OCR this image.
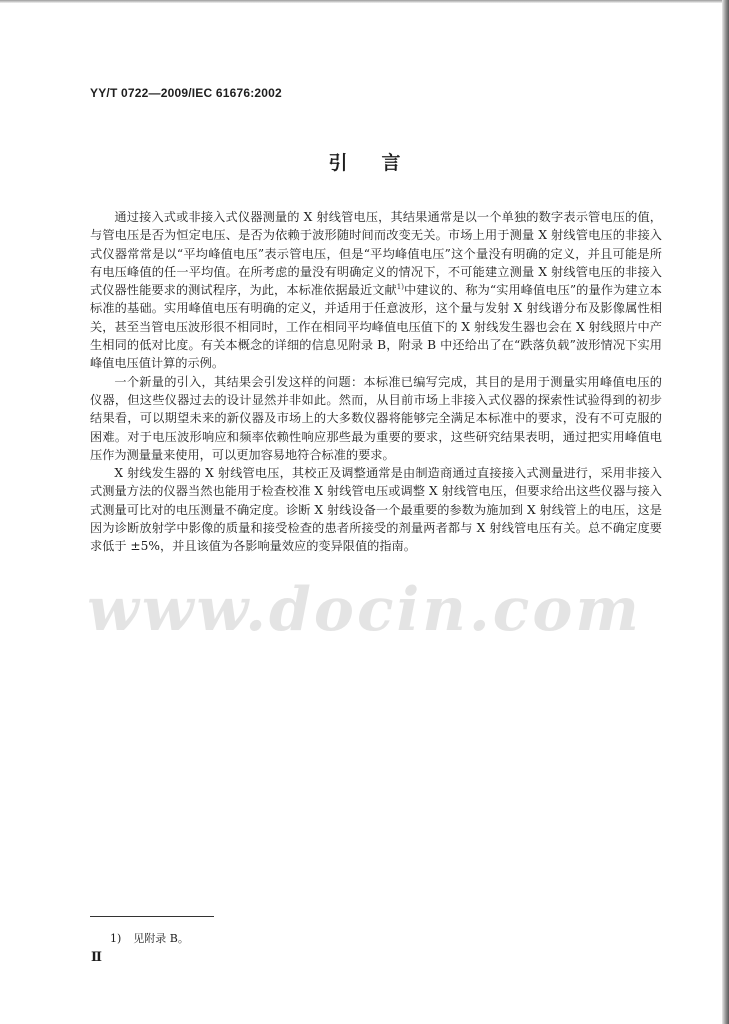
YY/T 0722—2009/IEC 61676:2002
引言

通过接入式或非接入式仪器测量的 X 射线管电压，其结果通常是以一个单独的数字表示管电压的值，与管电压是否为恒定电压、是否为依赖于波形随时间而改变无关。市场上用于测量 X 射线管电压的非接入式仪器常常是以“平均峰值电压”表示管电压，但是“平均峰值电压”这个量没有明确的定义，并且可能是所有电压峰值的任一平均值。在所考虑的量没有明确定义的情况下，不可能建立测量 X 射线管电压的非接入式仪器性能要求的测试程序，为此，本标准依据最近文献$^{1)}$中建议的、称为“实用峰值电压”的量作为建立本标准的基础。实用峰值电压有明确的定义，并适用于任意波形，这个量与发射 X 射线谱分布及影像属性相关，甚至当管电压波形很不相同时，工作在相同平均峰值电压值下的 X 射线发生器也会在 X 射线照片中产生相同的低对比度。有关本概念的详细的信息见附录 B，附录 B 中还给出了在“跌落负载”波形情况下实用峰值电压值计算的示例。

一个新量的引入，其结果会引发这样的问题：本标准已编写完成，其目的是用于测量实用峰值电压的仪器，但这些仪器过去的设计显然并非如此。然而，从目前市场上非接入式仪器的探索性试验得到的初步结果看，可以期望未来的新仪器及市场上的大多数仪器将能够完全满足本标准中的要求，没有不可克服的困难。对于电压波形响应和频率依赖性响应那些最为重要的要求，这些研究结果表明，通过把实用峰值电压作为测量量来使用，可以更加容易地符合标准的要求。

X 射线发生器的 X 射线管电压，其校正及调整通常是由制造商通过直接接入式测量进行，采用非接入式测量方法的仪器当然也能用于检查校准 X 射线管电压或调整 X 射线管电压，但要求给出这些仪器与接入式测量可比对的电压测量不确定度。诊断 X 射线设备一个最重要的参数为施加到 X 射线管上的电压，这是因为诊断放射学中影像的质量和接受检查的患者所接受的剂量两者都与 X 射线管电压有关。总不确定度要求低于 ±5%，并且该值为各影响量效应的变异限值的指南。

www.docin.com
1) 见附录 B。
Ⅱ
